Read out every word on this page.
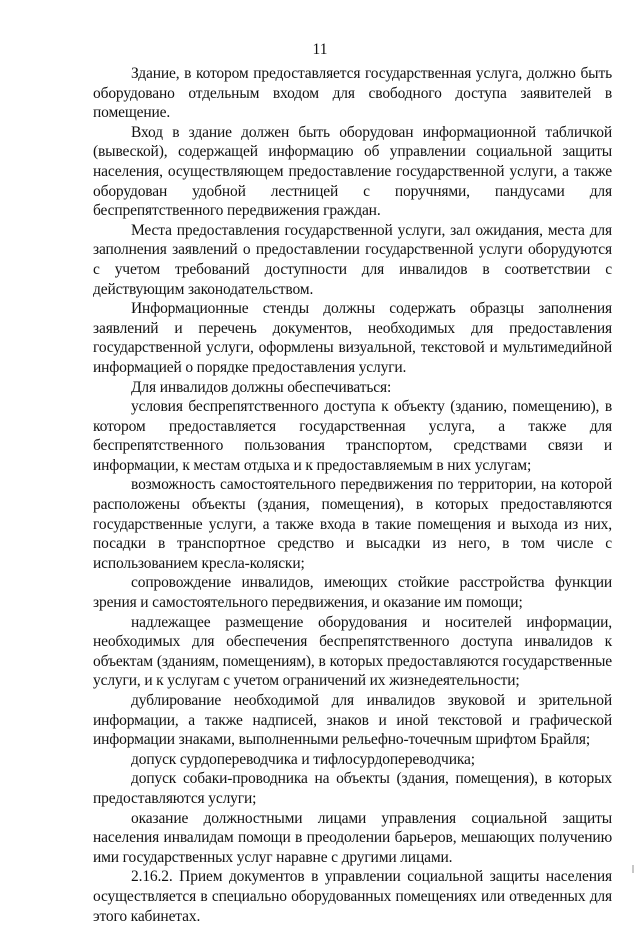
11

Здание, в котором предоставляется государственная услуга, должно быть оборудовано отдельным входом для свободного доступа заявителей в помещение.

Вход в здание должен быть оборудован информационной табличкой (вывеской), содержащей информацию об управлении социальной защиты населения, осуществляющем предоставление государственной услуги, а также оборудован удобной лестницей с поручнями, пандусами для беспрепятственного передвижения граждан.

Места предоставления государственной услуги, зал ожидания, места для заполнения заявлений о предоставлении государственной услуги оборудуются с учетом требований доступности для инвалидов в соответствии с действующим законодательством.

Информационные стенды должны содержать образцы заполнения заявлений и перечень документов, необходимых для предоставления государственной услуги, оформлены визуальной, текстовой и мультимедийной информацией о порядке предоставления услуги.

Для инвалидов должны обеспечиваться:

условия беспрепятственного доступа к объекту (зданию, помещению), в котором предоставляется государственная услуга, а также для беспрепятственного пользования транспортом, средствами связи и информации, к местам отдыха и к предоставляемым в них услугам;

возможность самостоятельного передвижения по территории, на которой расположены объекты (здания, помещения), в которых предоставляются государственные услуги, а также входа в такие помещения и выхода из них, посадки в транспортное средство и высадки из него, в том числе с использованием кресла-коляски;

сопровождение инвалидов, имеющих стойкие расстройства функции зрения и самостоятельного передвижения, и оказание им помощи;

надлежащее размещение оборудования и носителей информации, необходимых для обеспечения беспрепятственного доступа инвалидов к объектам (зданиям, помещениям), в которых предоставляются государственные услуги, и к услугам с учетом ограничений их жизнедеятельности;

дублирование необходимой для инвалидов звуковой и зрительной информации, а также надписей, знаков и иной текстовой и графической информации знаками, выполненными рельефно-точечным шрифтом Брайля;

допуск сурдопереводчика и тифлосурдопереводчика;

допуск собаки-проводника на объекты (здания, помещения), в которых предоставляются услуги;

оказание должностными лицами управления социальной защиты населения инвалидам помощи в преодолении барьеров, мешающих получению ими государственных услуг наравне с другими лицами.

2.16.2. Прием документов в управлении социальной защиты населения осуществляется в специально оборудованных помещениях или отведенных для этого кабинетах.
